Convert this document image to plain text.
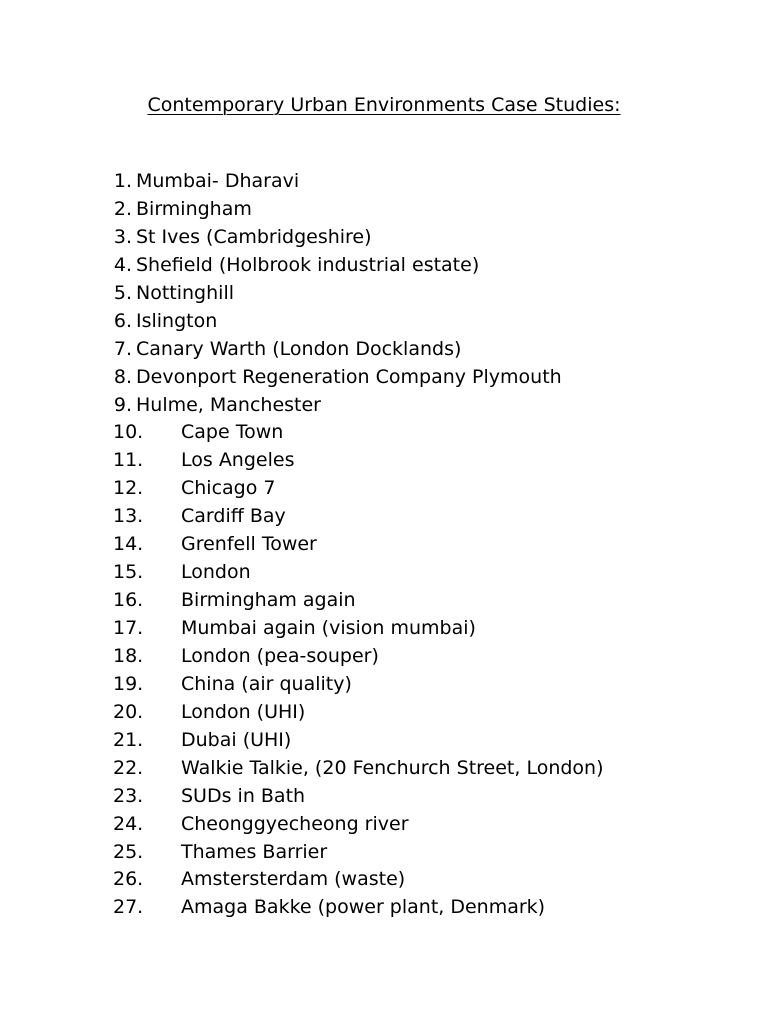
Contemporary Urban Environments Case Studies:
1. Mumbai- Dharavi
2. Birmingham
3. St Ives (Cambridgeshire)
4. Shefield (Holbrook industrial estate)
5. Nottinghill
6. Islington
7. Canary Warth (London Docklands)
8. Devonport Regeneration Company Plymouth
9. Hulme, Manchester
10. Cape Town
11. Los Angeles
12. Chicago 7
13. Cardiff Bay
14. Grenfell Tower
15. London
16. Birmingham again
17. Mumbai again (vision mumbai)
18. London (pea-souper)
19. China (air quality)
20. London (UHI)
21. Dubai (UHI)
22. Walkie Talkie, (20 Fenchurch Street, London)
23. SUDs in Bath
24. Cheonggyecheong river
25. Thames Barrier
26. Amstersterdam (waste)
27. Amaga Bakke (power plant, Denmark)
